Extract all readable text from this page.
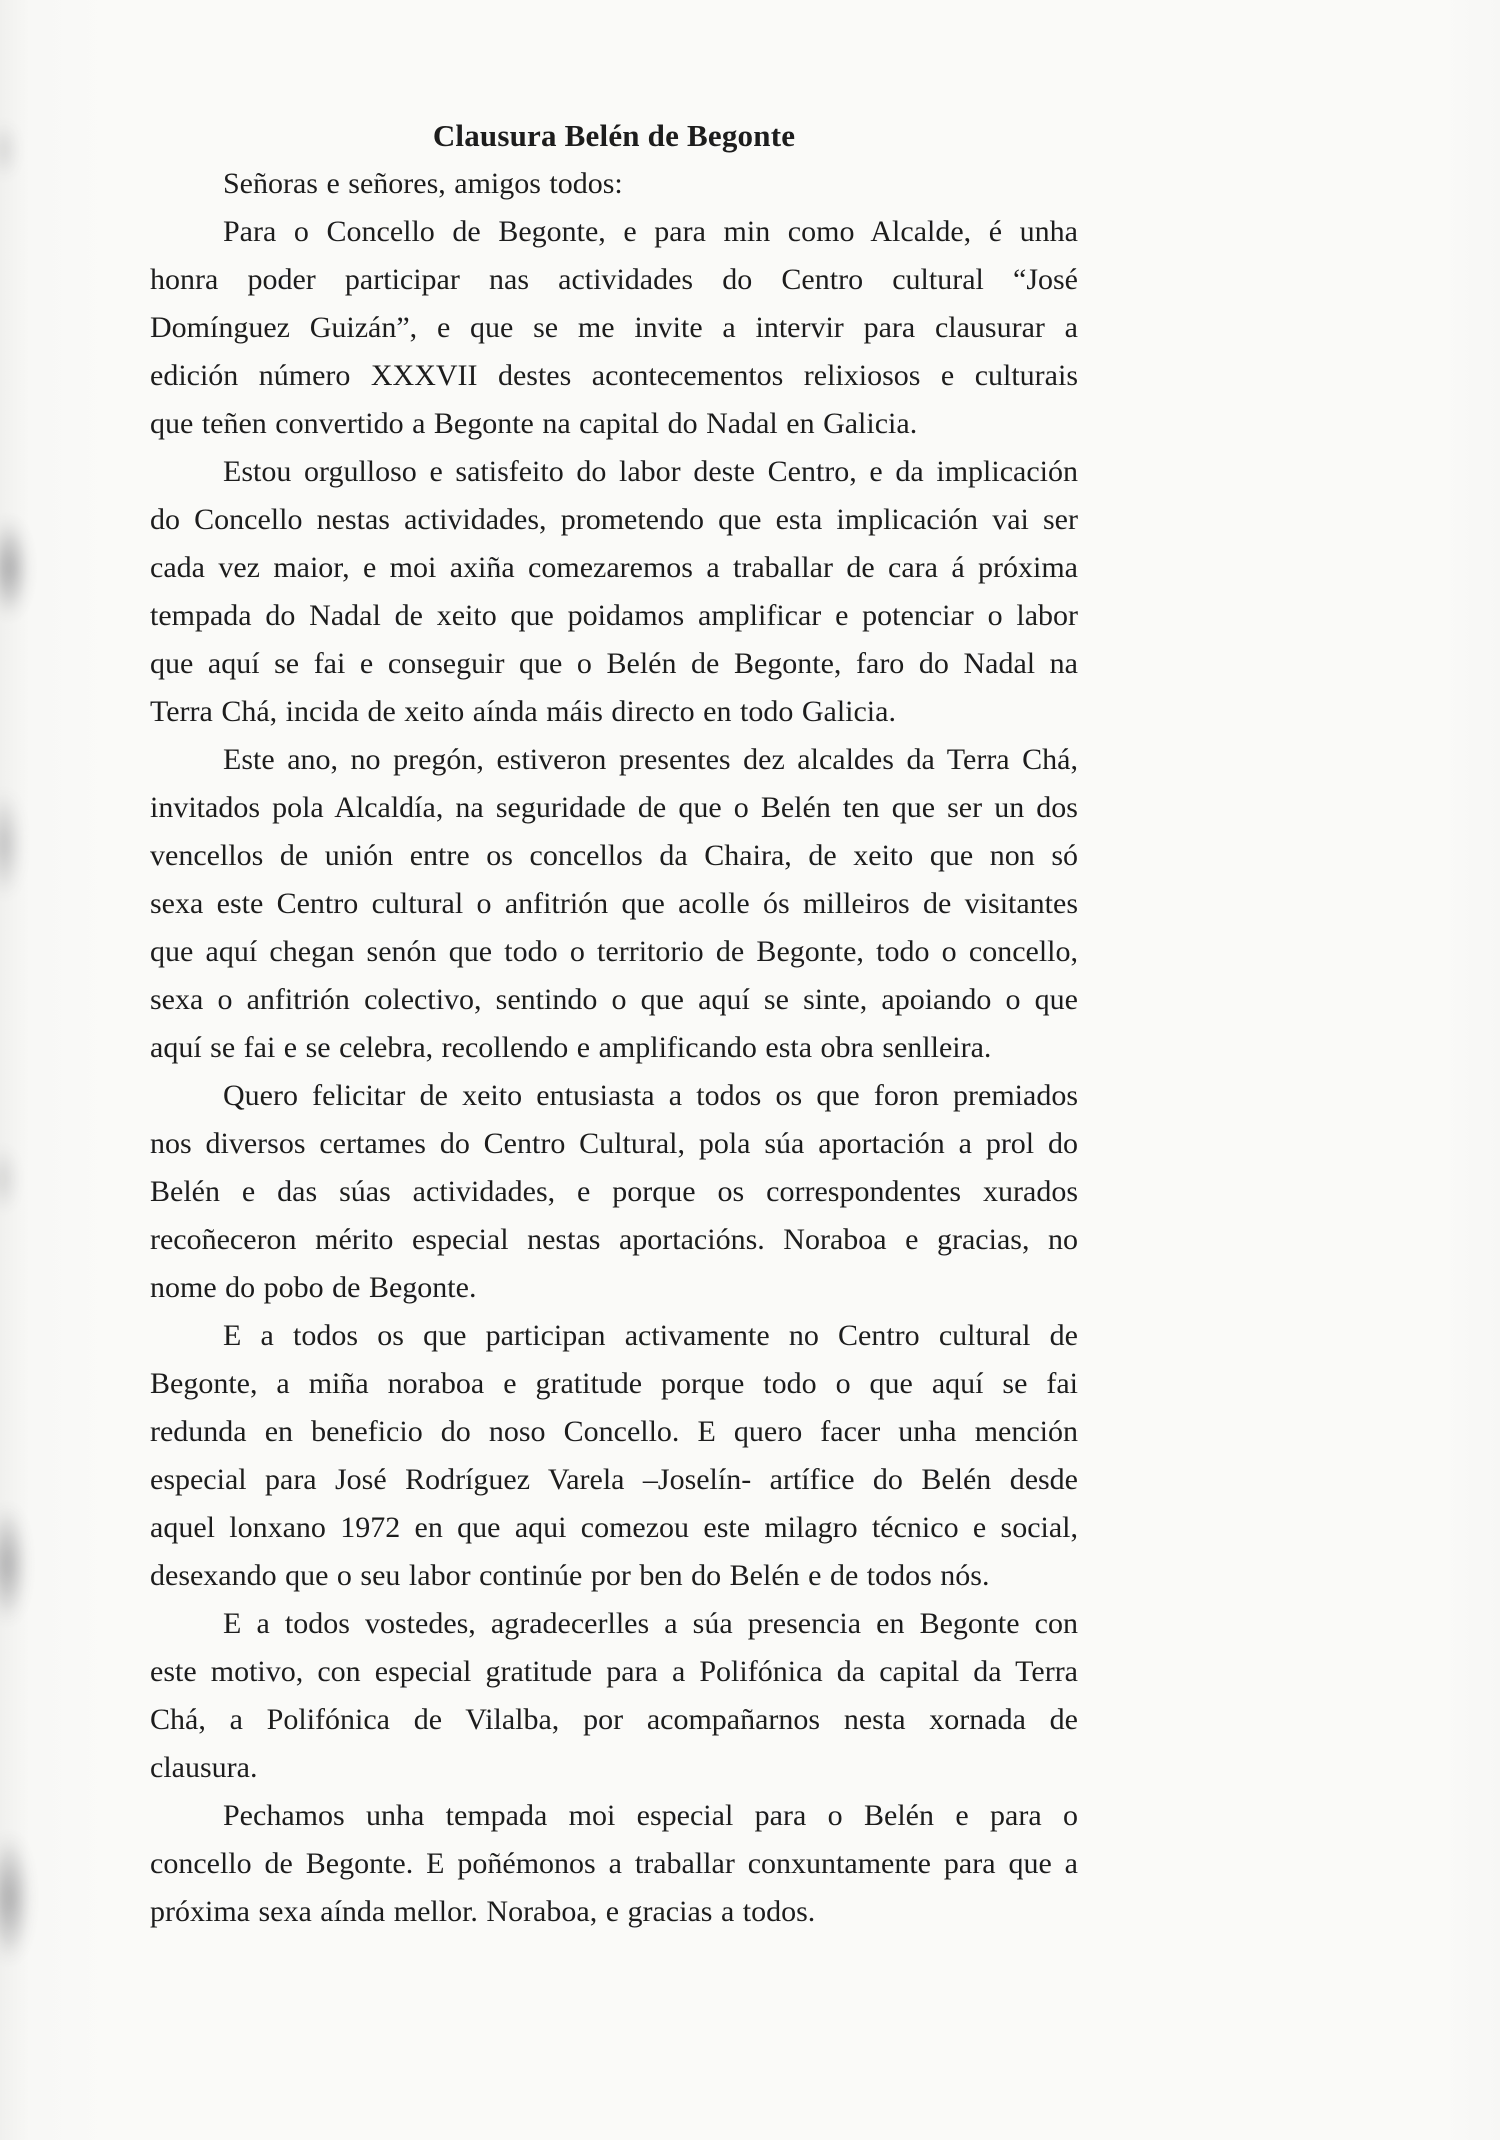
Clausura Belén de Begonte
Señoras e señores, amigos todos:
Para o Concello de Begonte, e para min como Alcalde, é unha
honra poder participar nas actividades do Centro cultural “José
Domínguez Guizán”, e que se me invite a intervir para clausurar a
edición número XXXVII destes acontecementos relixiosos e culturais
que teñen convertido a Begonte na capital do Nadal en Galicia.
Estou orgulloso e satisfeito do labor deste Centro, e da implicación
do Concello nestas actividades, prometendo que esta implicación vai ser
cada vez maior, e moi axiña comezaremos a traballar de cara á próxima
tempada do Nadal de xeito que poidamos amplificar e potenciar o labor
que aquí se fai e conseguir que o Belén de Begonte, faro do Nadal na
Terra Chá, incida de xeito aínda máis directo en todo Galicia.
Este ano, no pregón, estiveron presentes dez alcaldes da Terra Chá,
invitados pola Alcaldía, na seguridade de que o Belén ten que ser un dos
vencellos de unión entre os concellos da Chaira, de xeito que non só
sexa este Centro cultural o anfitrión que acolle ós milleiros de visitantes
que aquí chegan senón que todo o territorio de Begonte, todo o concello,
sexa o anfitrión colectivo, sentindo o que aquí se sinte, apoiando o que
aquí se fai e se celebra, recollendo e amplificando esta obra senlleira.
Quero felicitar de xeito entusiasta a todos os que foron premiados
nos diversos certames do Centro Cultural, pola súa aportación a prol do
Belén e das súas actividades, e porque os correspondentes xurados
recoñeceron mérito especial nestas aportacións. Noraboa e gracias, no
nome do pobo de Begonte.
E a todos os que participan activamente no Centro cultural de
Begonte, a miña noraboa e gratitude porque todo o que aquí se fai
redunda en beneficio do noso Concello. E quero facer unha mención
especial para José Rodríguez Varela –Joselín- artífice do Belén desde
aquel lonxano 1972 en que aqui comezou este milagro técnico e social,
desexando que o seu labor continúe por ben do Belén e de todos nós.
E a todos vostedes, agradecerlles a súa presencia en Begonte con
este motivo, con especial gratitude para a Polifónica da capital da Terra
Chá, a Polifónica de Vilalba, por acompañarnos nesta xornada de
clausura.
Pechamos unha tempada moi especial para o Belén e para o
concello de Begonte. E poñémonos a traballar conxuntamente para que a
próxima sexa aínda mellor. Noraboa, e gracias a todos.
